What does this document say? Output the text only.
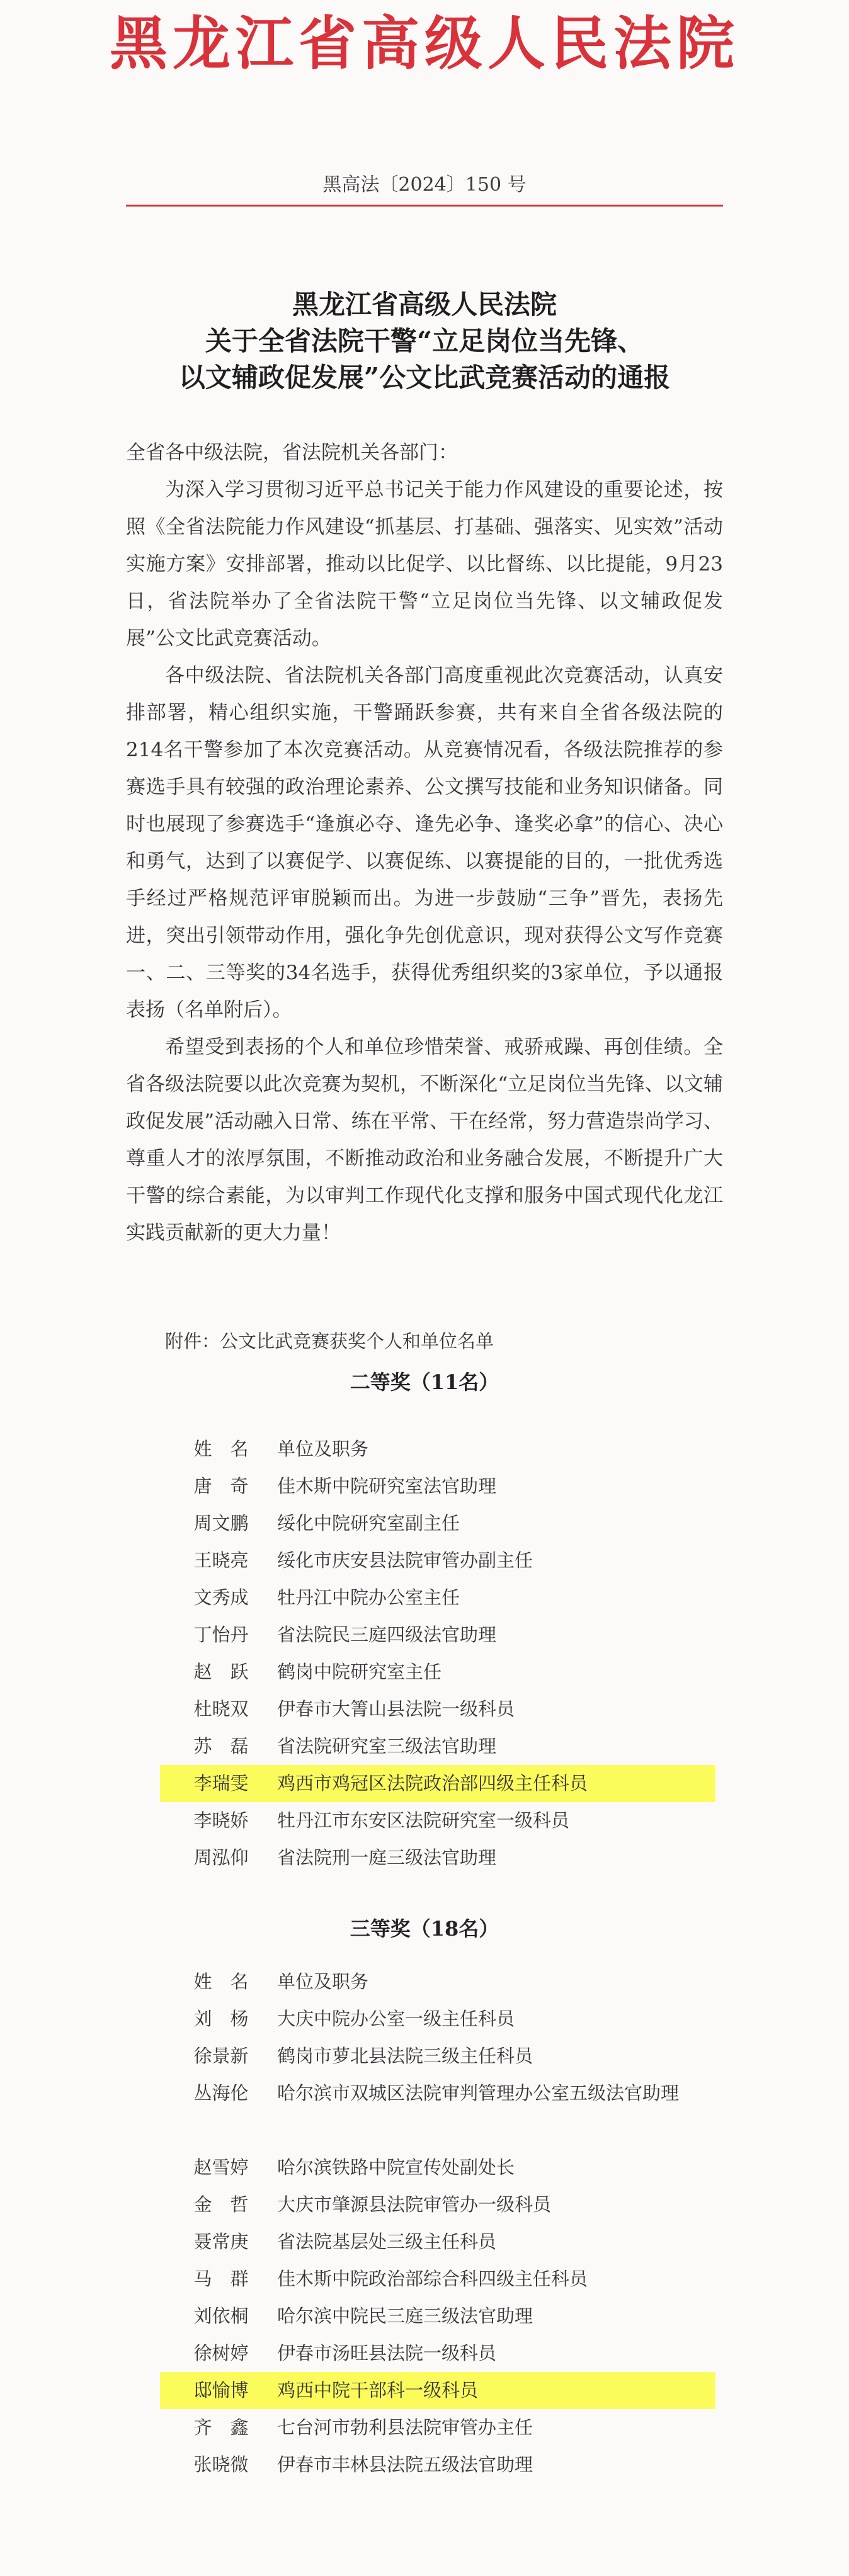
黑龙江省高级人民法院
黑高法〔2024〕150 号
黑龙江省高级人民法院
关于全省法院干警“立足岗位当先锋、
以文辅政促发展”公文比武竞赛活动的通报

全省各中级法院，省法院机关各部门：

为深入学习贯彻习近平总书记关于能力作风建设的重要论述，按照《全省法院能力作风建设“抓基层、打基础、强落实、见实效”活动实施方案》安排部署，推动以比促学、以比督练、以比提能，9月23日，省法院举办了全省法院干警“立足岗位当先锋、以文辅政促发展”公文比武竞赛活动。

各中级法院、省法院机关各部门高度重视此次竞赛活动，认真安排部署，精心组织实施，干警踊跃参赛，共有来自全省各级法院的214名干警参加了本次竞赛活动。从竞赛情况看，各级法院推荐的参赛选手具有较强的政治理论素养、公文撰写技能和业务知识储备。同时也展现了参赛选手“逢旗必夺、逢先必争、逢奖必拿”的信心、决心和勇气，达到了以赛促学、以赛促练、以赛提能的目的，一批优秀选手经过严格规范评审脱颖而出。为进一步鼓励“三争”晋先，表扬先进，突出引领带动作用，强化争先创优意识，现对获得公文写作竞赛一、二、三等奖的34名选手，获得优秀组织奖的3家单位，予以通报表扬（名单附后）。

希望受到表扬的个人和单位珍惜荣誉、戒骄戒躁、再创佳绩。全省各级法院要以此次竞赛为契机，不断深化“立足岗位当先锋、以文辅政促发展”活动融入日常、练在平常、干在经常，努力营造崇尚学习、尊重人才的浓厚氛围，不断推动政治和业务融合发展，不断提升广大干警的综合素能，为以审判工作现代化支撑和服务中国式现代化龙江实践贡献新的更大力量！

附件：公文比武竞赛获奖个人和单位名单
二等奖（11名）
姓　名	单位及职务
唐　奇	佳木斯中院研究室法官助理
周文鹏	绥化中院研究室副主任
王晓亮	绥化市庆安县法院审管办副主任
文秀成	牡丹江中院办公室主任
丁怡丹	省法院民三庭四级法官助理
赵　跃	鹤岗中院研究室主任
杜晓双	伊春市大箐山县法院一级科员
苏　磊	省法院研究室三级法官助理
李瑞雯	鸡西市鸡冠区法院政治部四级主任科员
李晓娇	牡丹江市东安区法院研究室一级科员
周泓仰	省法院刑一庭三级法官助理
三等奖（18名）
姓　名	单位及职务
刘　杨	大庆中院办公室一级主任科员
徐景新	鹤岗市萝北县法院三级主任科员
丛海伦	哈尔滨市双城区法院审判管理办公室五级法官助理
赵雪婷	哈尔滨铁路中院宣传处副处长
金　哲	大庆市肇源县法院审管办一级科员
聂常庚	省法院基层处三级主任科员
马　群	佳木斯中院政治部综合科四级主任科员
刘依桐	哈尔滨中院民三庭三级法官助理
徐树婷	伊春市汤旺县法院一级科员
邸愉博	鸡西中院干部科一级科员
齐　鑫	七台河市勃利县法院审管办主任
张晓微	伊春市丰林县法院五级法官助理
